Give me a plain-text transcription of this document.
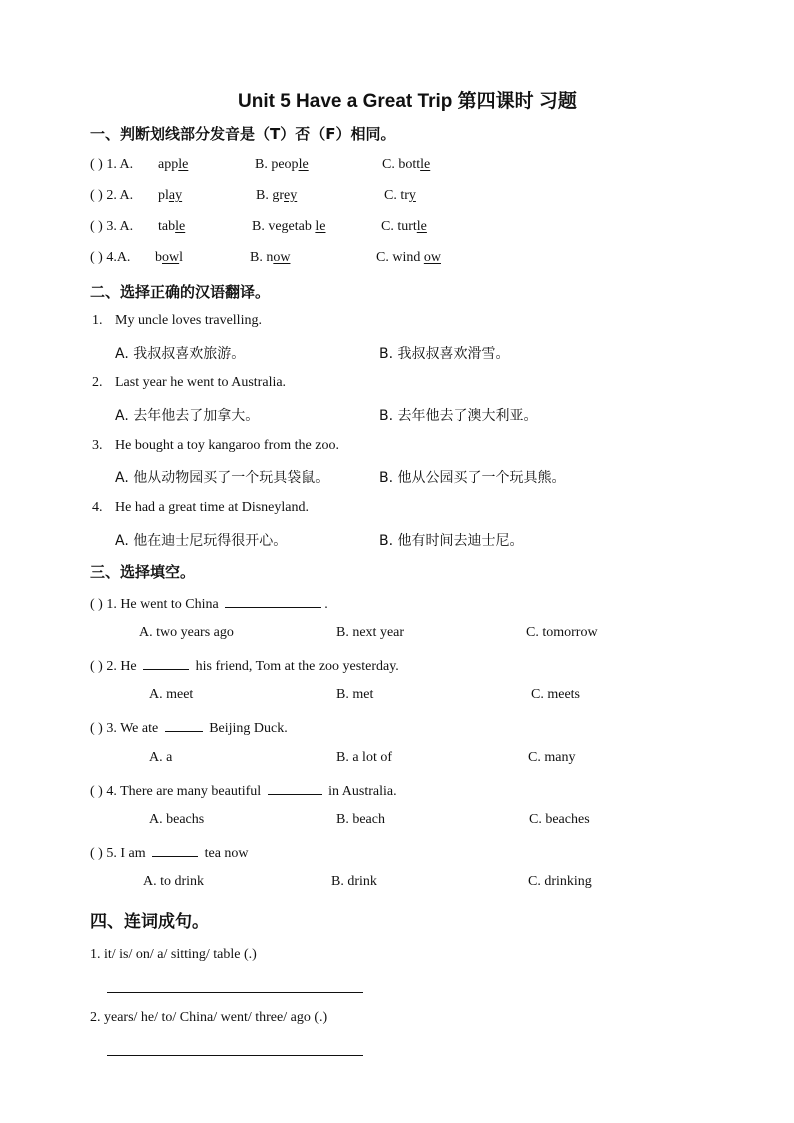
Unit 5 Have a Great Trip 第四课时 习题
一、判断划线部分发音是（T）否（F）相同。
( ) 1. A. apple	B. people	C. bottle
( ) 2. A. play	B. grey	C. try
( ) 3. A. table	B. vegetab le	C. turtle
( ) 4.A. bowl	B. now	C. wind ow
二、选择正确的汉语翻译。
1. My uncle loves travelling.
A. 我叔叔喜欢旅游。	B. 我叔叔喜欢滑雪。
2. Last year he went to Australia.
A. 去年他去了加拿大。	B. 去年他去了澳大利亚。
3. He bought a toy kangaroo from the zoo.
A. 他从动物园买了一个玩具袋鼠。	B. 他从公园买了一个玩具熊。
4. He had a great time at Disneyland.
A. 他在迪士尼玩得很开心。	B. 他有时间去迪士尼。
三、选择填空。
( ) 1. He went to China	.
A. two years ago	B. next year	C. tomorrow
( ) 2. He	his friend, Tom at the zoo yesterday.
A. meet	B. met	C. meets
( ) 3. We ate	Beijing Duck.
A. a	B. a lot of	C. many
( ) 4. There are many beautiful	in Australia.
A. beachs	B. beach	C. beaches
( ) 5. I am	tea now
A. to drink	B. drink	C. drinking
四、连词成句。
1. it/ is/ on/ a/ sitting/ table (.)
2. years/ he/ to/ China/ went/ three/ ago (.)
